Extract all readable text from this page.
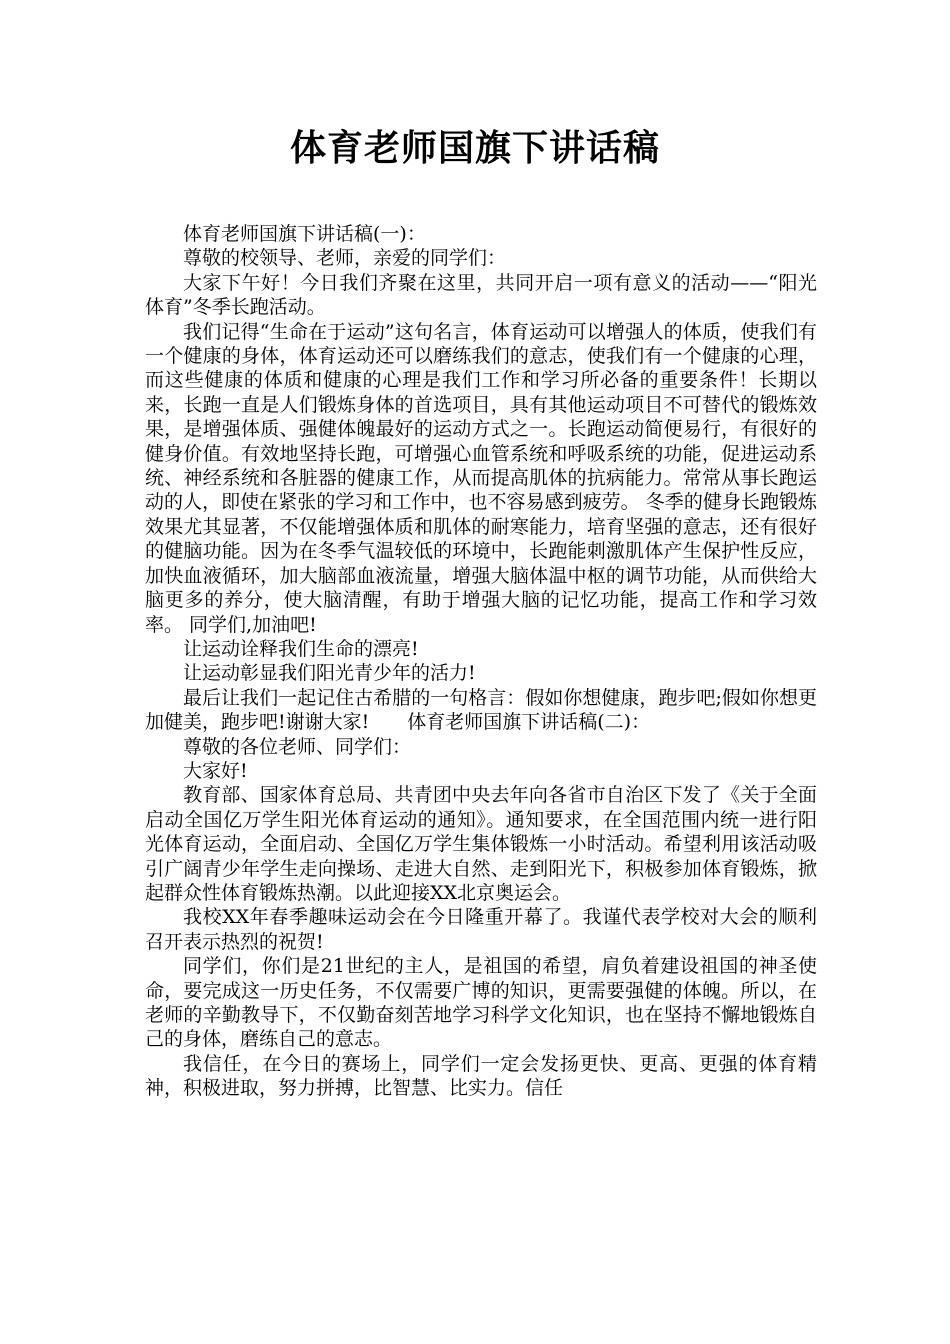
体育老师国旗下讲话稿

体育老师国旗下讲话稿(一)：

尊敬的校领导、老师，亲爱的同学们：

大家下午好！今日我们齐聚在这里，共同开启一项有意义的活动——“阳光体育”冬季长跑活动。

我们记得“生命在于运动”这句名言，体育运动可以增强人的体质，使我们有一个健康的身体，体育运动还可以磨练我们的意志，使我们有一个健康的心理，而这些健康的体质和健康的心理是我们工作和学习所必备的重要条件！长期以来，长跑一直是人们锻炼身体的首选项目，具有其他运动项目不可替代的锻炼效果，是增强体质、强健体魄最好的运动方式之一。长跑运动简便易行，有很好的健身价值。有效地坚持长跑，可增强心血管系统和呼吸系统的功能，促进运动系统、神经系统和各脏器的健康工作，从而提高肌体的抗病能力。常常从事长跑运动的人，即使在紧张的学习和工作中，也不容易感到疲劳。 冬季的健身长跑锻炼效果尤其显著，不仅能增强体质和肌体的耐寒能力，培育坚强的意志，还有很好的健脑功能。因为在冬季气温较低的环境中，长跑能刺激肌体产生保护性反应，加快血液循环，加大脑部血液流量，增强大脑体温中枢的调节功能，从而供给大脑更多的养分，使大脑清醒，有助于增强大脑的记忆功能，提高工作和学习效率。 同学们,加油吧!

让运动诠释我们生命的漂亮!

让运动彰显我们阳光青少年的活力!

最后让我们一起记住古希腊的一句格言：假如你想健康，跑步吧;假如你想更加健美，跑步吧!谢谢大家!　　体育老师国旗下讲话稿(二)：

尊敬的各位老师、同学们：

大家好!

教育部、国家体育总局、共青团中央去年向各省市自治区下发了《关于全面启动全国亿万学生阳光体育运动的通知》。通知要求，在全国范围内统一进行阳光体育运动，全面启动、全国亿万学生集体锻炼一小时活动。希望利用该活动吸引广阔青少年学生走向操场、走进大自然、走到阳光下，积极参加体育锻炼，掀起群众性体育锻炼热潮。以此迎接XX北京奥运会。

我校XX年春季趣味运动会在今日隆重开幕了。我谨代表学校对大会的顺利召开表示热烈的祝贺!

同学们，你们是21世纪的主人，是祖国的希望，肩负着建设祖国的神圣使命，要完成这一历史任务，不仅需要广博的知识，更需要强健的体魄。所以，在老师的辛勤教导下，不仅勤奋刻苦地学习科学文化知识，也在坚持不懈地锻炼自己的身体，磨练自己的意志。

我信任，在今日的赛场上，同学们一定会发扬更快、更高、更强的体育精神，积极进取，努力拼搏，比智慧、比实力。信任
